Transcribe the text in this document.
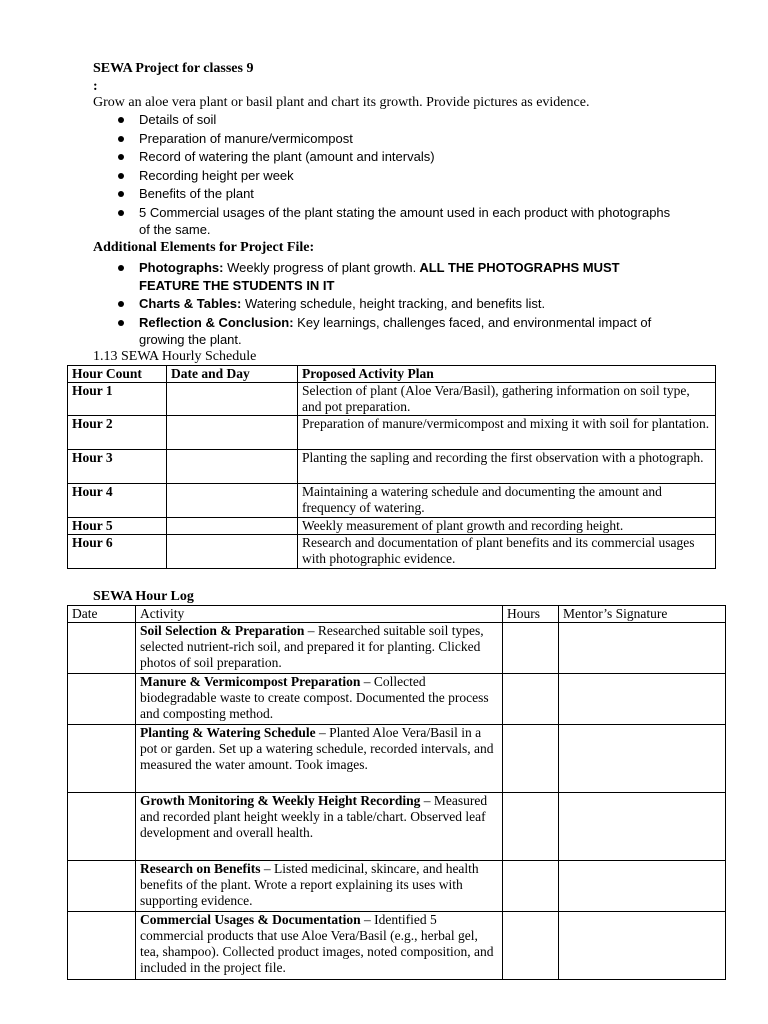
SEWA Project for classes 9
:
Grow an aloe vera plant or basil plant and chart its growth. Provide pictures as evidence.
Details of soil
Preparation of manure/vermicompost
Record of watering the plant (amount and intervals)
Recording height per week
Benefits of the plant
5 Commercial usages of the plant stating the amount used in each product with photographs of the same.
Additional Elements for Project File:
Photographs: Weekly progress of plant growth. ALL THE PHOTOGRAPHS MUST FEATURE THE STUDENTS IN IT
Charts & Tables: Watering schedule, height tracking, and benefits list.
Reflection & Conclusion: Key learnings, challenges faced, and environmental impact of growing the plant.
1.13 SEWA Hourly Schedule
Hour Count	Date and Day	Proposed Activity Plan
Hour 1		Selection of plant (Aloe Vera/Basil), gathering information on soil type, and pot preparation.
Hour 2		Preparation of manure/vermicompost and mixing it with soil for plantation.
Hour 3		Planting the sapling and recording the first observation with a photograph.
Hour 4		Maintaining a watering schedule and documenting the amount and frequency of watering.
Hour 5		Weekly measurement of plant growth and recording height.
Hour 6		Research and documentation of plant benefits and its commercial usages with photographic evidence.
SEWA Hour Log
Date	Activity	Hours	Mentor’s Signature
	Soil Selection & Preparation – Researched suitable soil types, selected nutrient-rich soil, and prepared it for planting. Clicked photos of soil preparation.		
	Manure & Vermicompost Preparation – Collected biodegradable waste to create compost. Documented the process and composting method.		
	Planting & Watering Schedule – Planted Aloe Vera/Basil in a pot or garden. Set up a watering schedule, recorded intervals, and measured the water amount. Took images.		
	Growth Monitoring & Weekly Height Recording – Measured and recorded plant height weekly in a table/chart. Observed leaf development and overall health.		
	Research on Benefits – Listed medicinal, skincare, and health benefits of the plant. Wrote a report explaining its uses with supporting evidence.		
	Commercial Usages & Documentation – Identified 5 commercial products that use Aloe Vera/Basil (e.g., herbal gel, tea, shampoo). Collected product images, noted composition, and included in the project file.		
